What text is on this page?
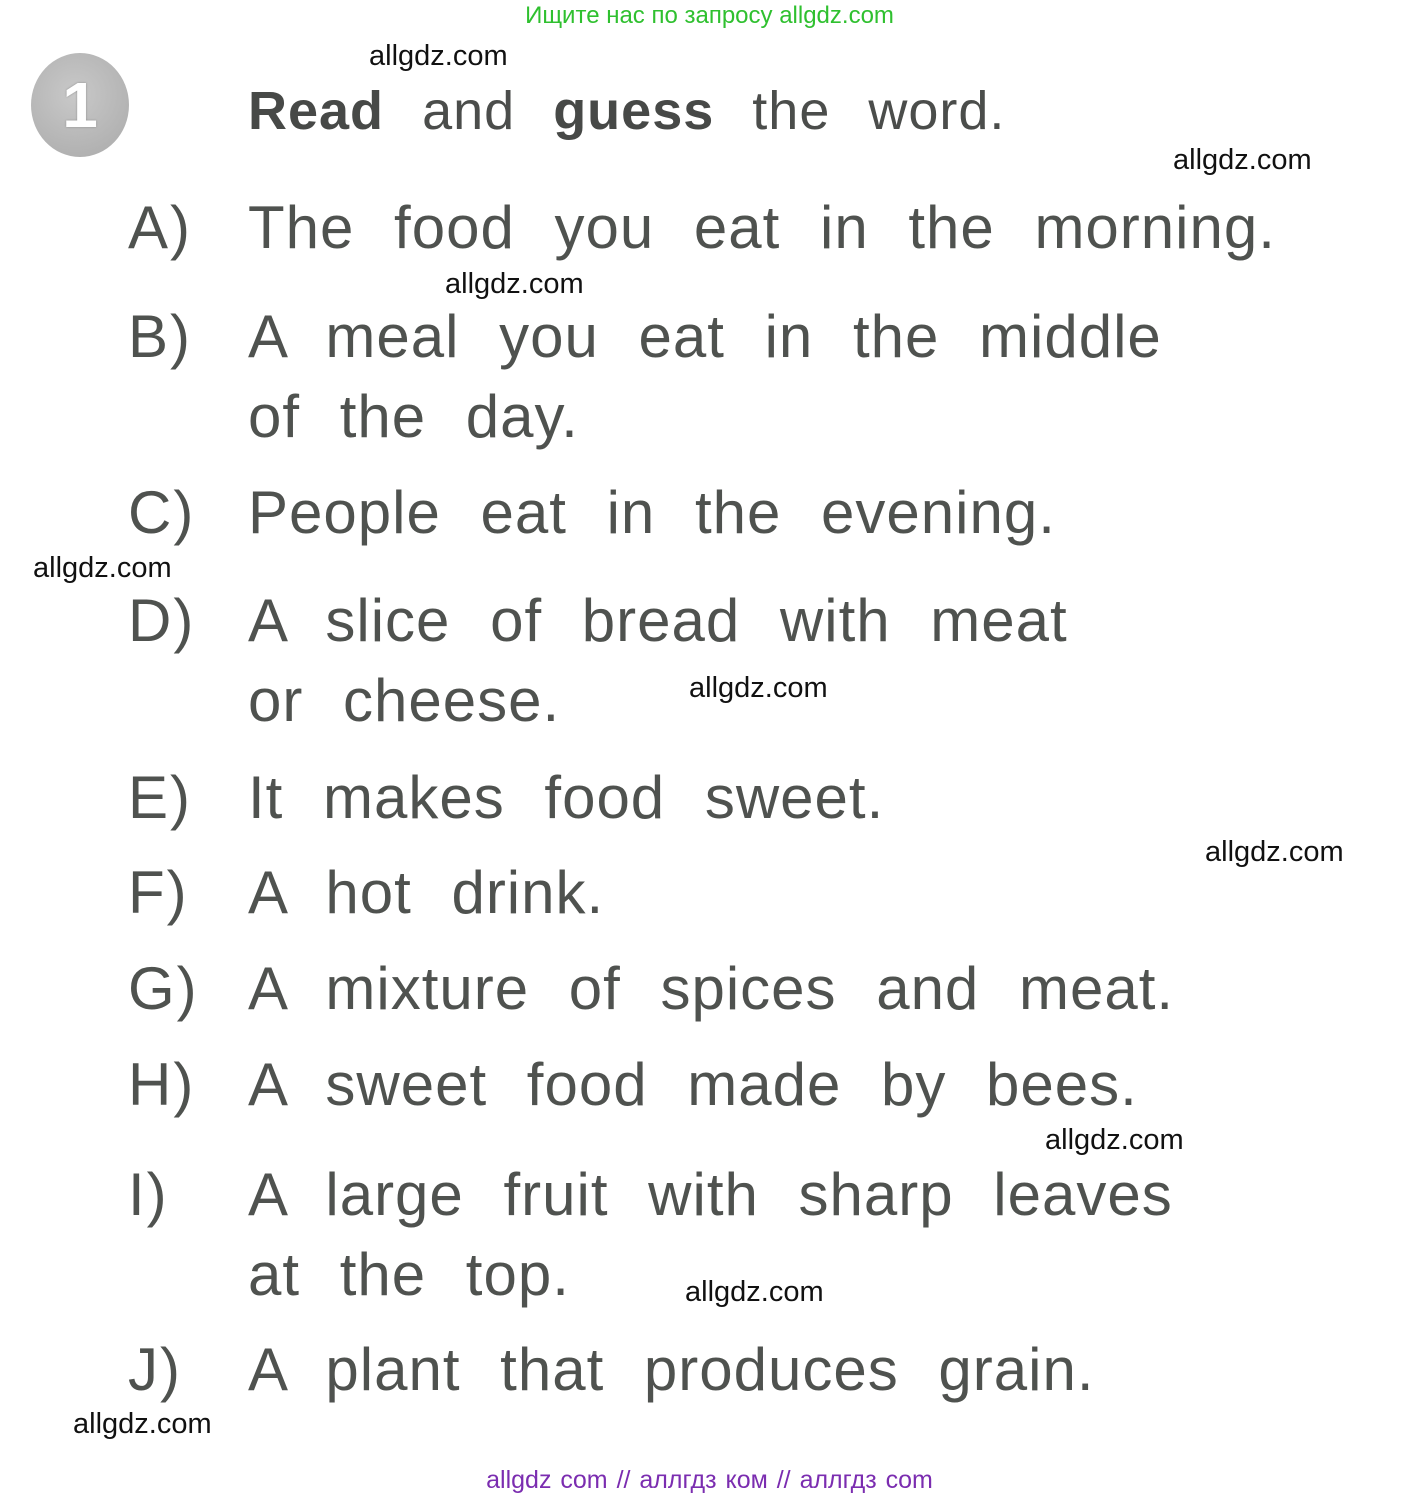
Ищите нас по запросу allgdz.com
1	Read and guess the word.
A) The food you eat in the morning.
B) A meal you eat in the middle
of the day.
C) People eat in the evening.
D) A slice of bread with meat
or cheese.
E) It makes food sweet.
F) A hot drink.
G) A mixture of spices and meat.
H) A sweet food made by bees.
I)	A large fruit with sharp leaves
at the top.
J)	A plant that produces grain.
allgdz.com
allgdz.com
allgdz.com
allgdz.com
allgdz.com
allgdz.com
allgdz.com
allgdz.com
allgdz.com
allgdz com // аллгдз ком // аллгдз com
